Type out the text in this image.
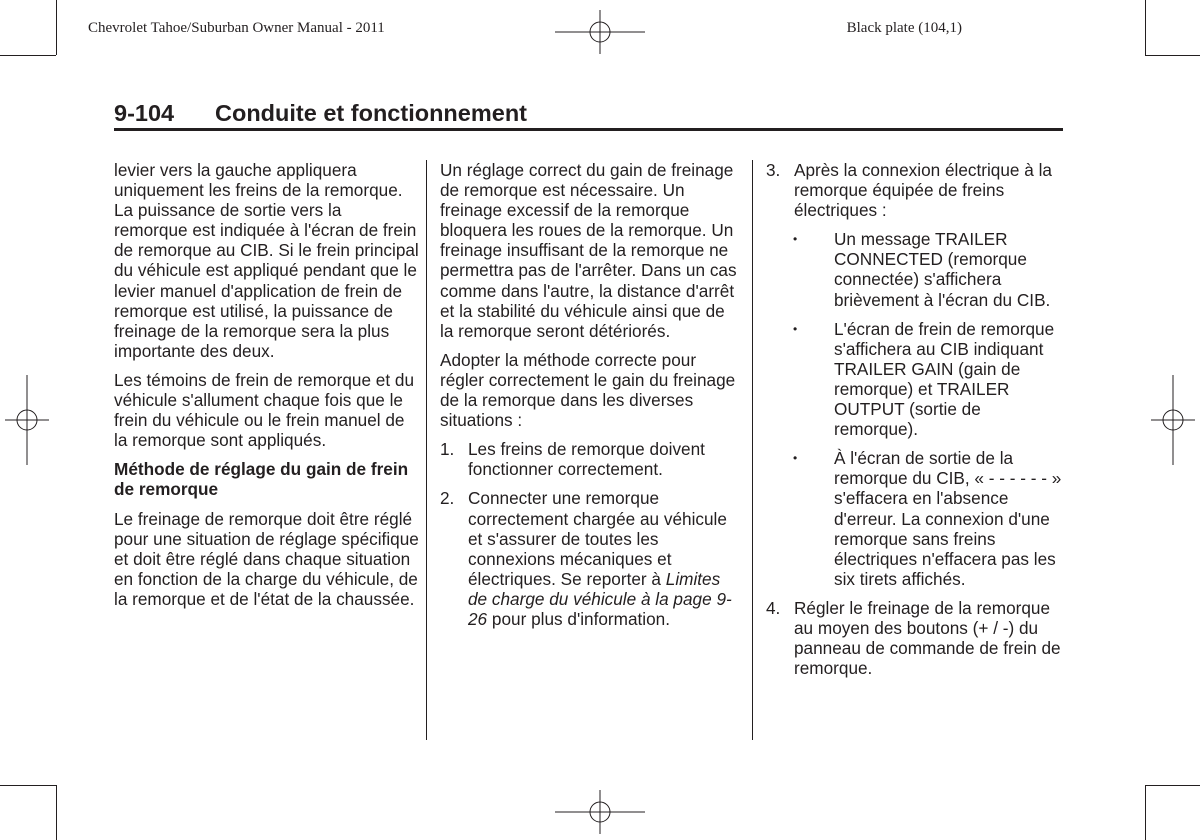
Chevrolet Tahoe/Suburban Owner Manual - 2011	Black plate (104,1)
9-104 Conduite et fonctionnement

levier vers la gauche appliquera uniquement les freins de la remorque. La puissance de sortie vers la remorque est indiquée à l'écran de frein de remorque au CIB. Si le frein principal du véhicule est appliqué pendant que le levier manuel d'application de frein de remorque est utilisé, la puissance de freinage de la remorque sera la plus importante des deux.

Les témoins de frein de remorque et du véhicule s'allument chaque fois que le frein du véhicule ou le frein manuel de la remorque sont appliqués.

Méthode de réglage du gain de frein de remorque

Le freinage de remorque doit être réglé pour une situation de réglage spécifique et doit être réglé dans chaque situation en fonction de la charge du véhicule, de la remorque et de l'état de la chaussée.

Un réglage correct du gain de freinage de remorque est nécessaire. Un freinage excessif de la remorque bloquera les roues de la remorque. Un freinage insuffisant de la remorque ne permettra pas de l'arrêter. Dans un cas comme dans l'autre, la distance d'arrêt et la stabilité du véhicule ainsi que de la remorque seront détériorés.

Adopter la méthode correcte pour régler correctement le gain du freinage de la remorque dans les diverses situations :

1. Les freins de remorque doivent fonctionner correctement.
2. Connecter une remorque correctement chargée au véhicule et s'assurer de toutes les connexions mécaniques et électriques. Se reporter à Limites de charge du véhicule à la page 9-26 pour plus d'information.
3. Après la connexion électrique à la remorque équipée de freins électriques :
•	Un message TRAILER CONNECTED (remorque connectée) s'affichera brièvement à l'écran du CIB.
•	L'écran de frein de remorque s'affichera au CIB indiquant TRAILER GAIN (gain de remorque) et TRAILER OUTPUT (sortie de remorque).
•	À l'écran de sortie de la remorque du CIB, « - - - - - - » s'effacera en l'absence d'erreur. La connexion d'une remorque sans freins électriques n'effacera pas les six tirets affichés.
4. Régler le freinage de la remorque au moyen des boutons (+ / -) du panneau de commande de frein de remorque.
